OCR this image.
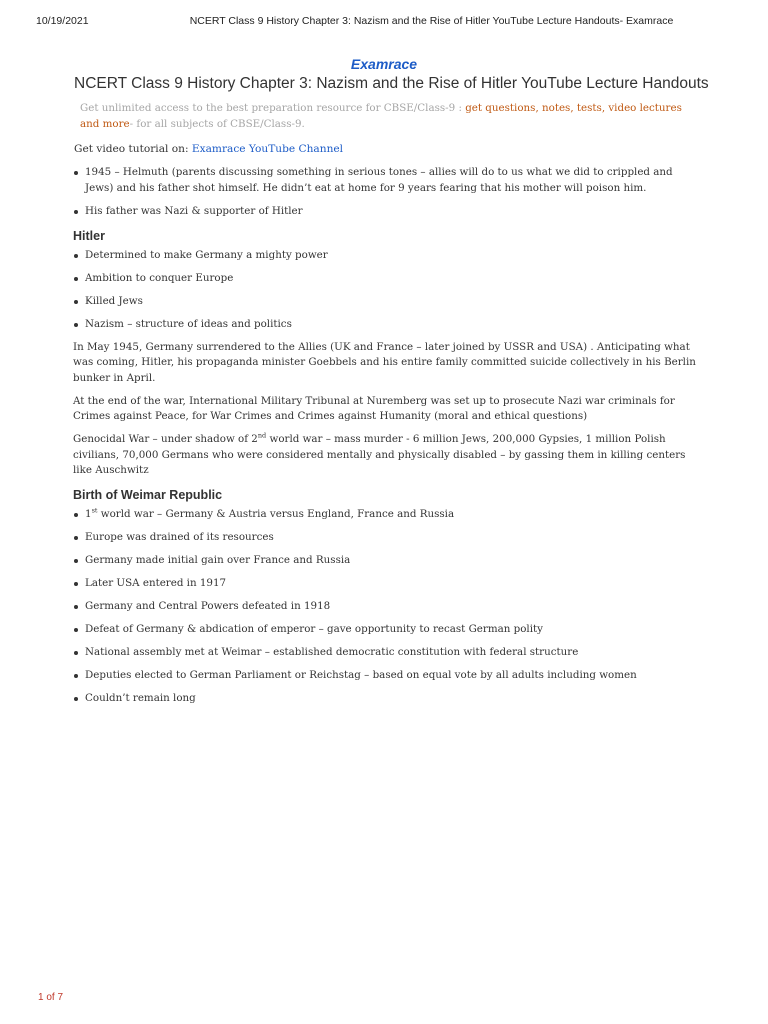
10/19/2021	NCERT Class 9 History Chapter 3: Nazism and the Rise of Hitler YouTube Lecture Handouts- Examrace
Examrace
NCERT Class 9 History Chapter 3: Nazism and the Rise of Hitler YouTube Lecture Handouts
Get unlimited access to the best preparation resource for CBSE/Class-9 : get questions, notes, tests, video lectures and more- for all subjects of CBSE/Class-9.
Get video tutorial on: Examrace YouTube Channel
1945 – Helmuth (parents discussing something in serious tones – allies will do to us what we did to crippled and Jews) and his father shot himself. He didn’t eat at home for 9 years fearing that his mother will poison him.
His father was Nazi & supporter of Hitler
Hitler
Determined to make Germany a mighty power
Ambition to conquer Europe
Killed Jews
Nazism – structure of ideas and politics

In May 1945, Germany surrendered to the Allies (UK and France – later joined by USSR and USA) . Anticipating what was coming, Hitler, his propaganda minister Goebbels and his entire family committed suicide collectively in his Berlin bunker in April.

At the end of the war, International Military Tribunal at Nuremberg was set up to prosecute Nazi war criminals for Crimes against Peace, for War Crimes and Crimes against Humanity (moral and ethical questions)

Genocidal War – under shadow of 2nd world war – mass murder - 6 million Jews, 200,000 Gypsies, 1 million Polish civilians, 70,000 Germans who were considered mentally and physically disabled – by gassing them in killing centers like Auschwitz

Birth of Weimar Republic
1st world war – Germany & Austria versus England, France and Russia
Europe was drained of its resources
Germany made initial gain over France and Russia
Later USA entered in 1917
Germany and Central Powers defeated in 1918
Defeat of Germany & abdication of emperor – gave opportunity to recast German polity
National assembly met at Weimar – established democratic constitution with federal structure
Deputies elected to German Parliament or Reichstag – based on equal vote by all adults including women
Couldn’t remain long
1 of 7
